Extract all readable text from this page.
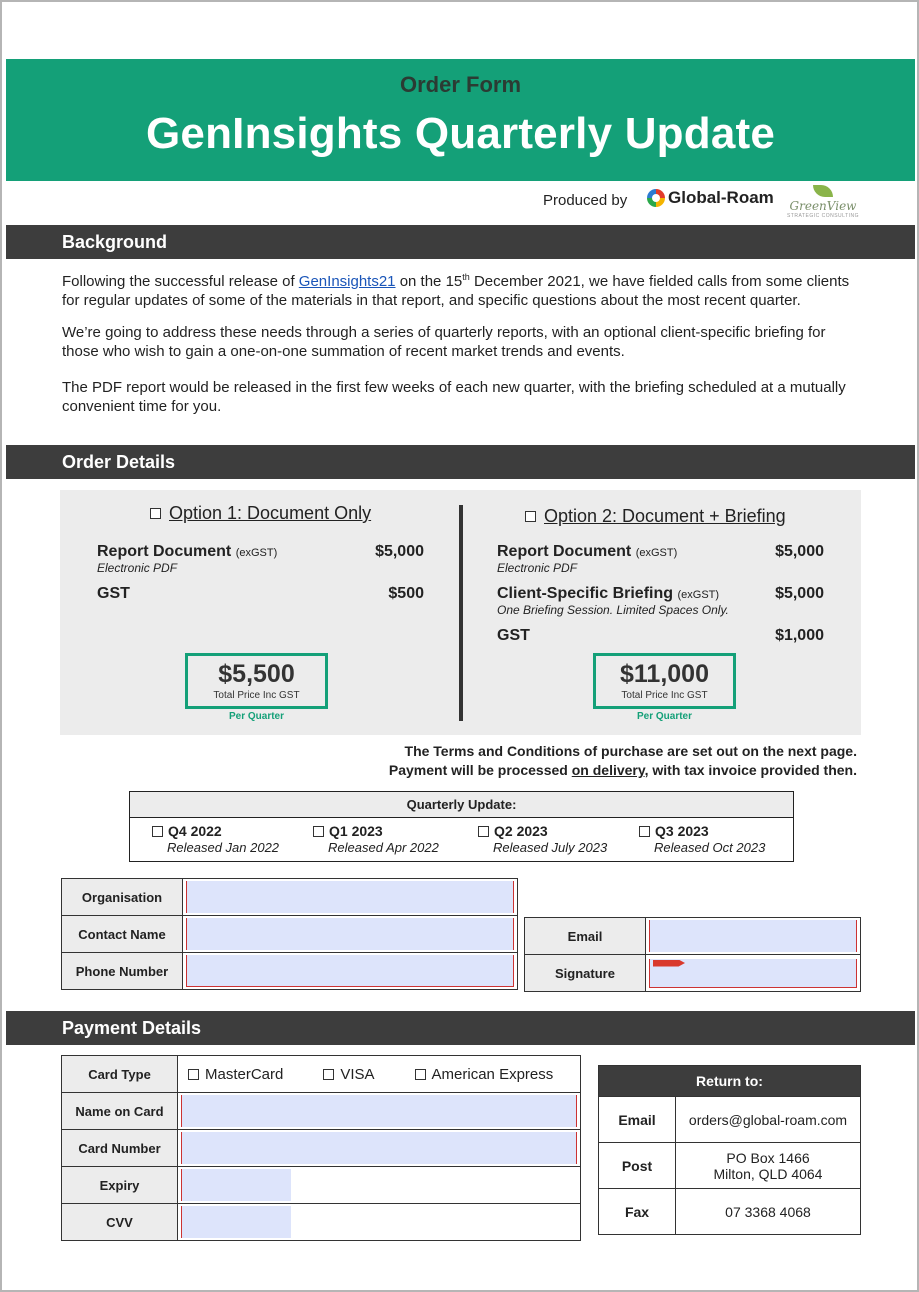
Order Form
GenInsights Quarterly Update
Produced by Global-Roam GreenView
STRATEGIC CONSULTING
Background
Following the successful release of GenInsights21 on the 15th December 2021, we have fielded calls from some clients for regular updates of some of the materials in that report, and specific questions about the most recent quarter.
We’re going to address these needs through a series of quarterly reports, with an optional client-specific briefing for those who wish to gain a one-on-one summation of recent market trends and events.
The PDF report would be released in the first few weeks of each new quarter, with the briefing scheduled at a mutually convenient time for you.
Order Details
Option 1: Document Only
Report Document (exGST)
Electronic PDF
$5,000
GST	$500
$5,500
Total Price Inc GST
Per Quarter
Option 2: Document + Briefing
Report Document (exGST)
Electronic PDF
$5,000
Client-Specific Briefing (exGST)
One Briefing Session. Limited Spaces Only.
$5,000
GST	$1,000
$11,000
Total Price Inc GST
Per Quarter
The Terms and Conditions of purchase are set out on the next page.
Payment will be processed on delivery, with tax invoice provided then.
Quarterly Update:
Q4 2022
Released Jan 2022
Q1 2023
Released Apr 2022
Q2 2023
Released July 2023
Q3 2023
Released Oct 2023
Organisation	
Contact Name	
Phone Number	
Email	
Signature	
Payment Details
Card Type	MasterCard VISA American Express

Name on Card	
Card Number	
Expiry	
CVV	
Return to:	
Email	orders@global-roam.com
Post	PO Box 1466
Milton, QLD 4064

Fax	07 3368 4068
